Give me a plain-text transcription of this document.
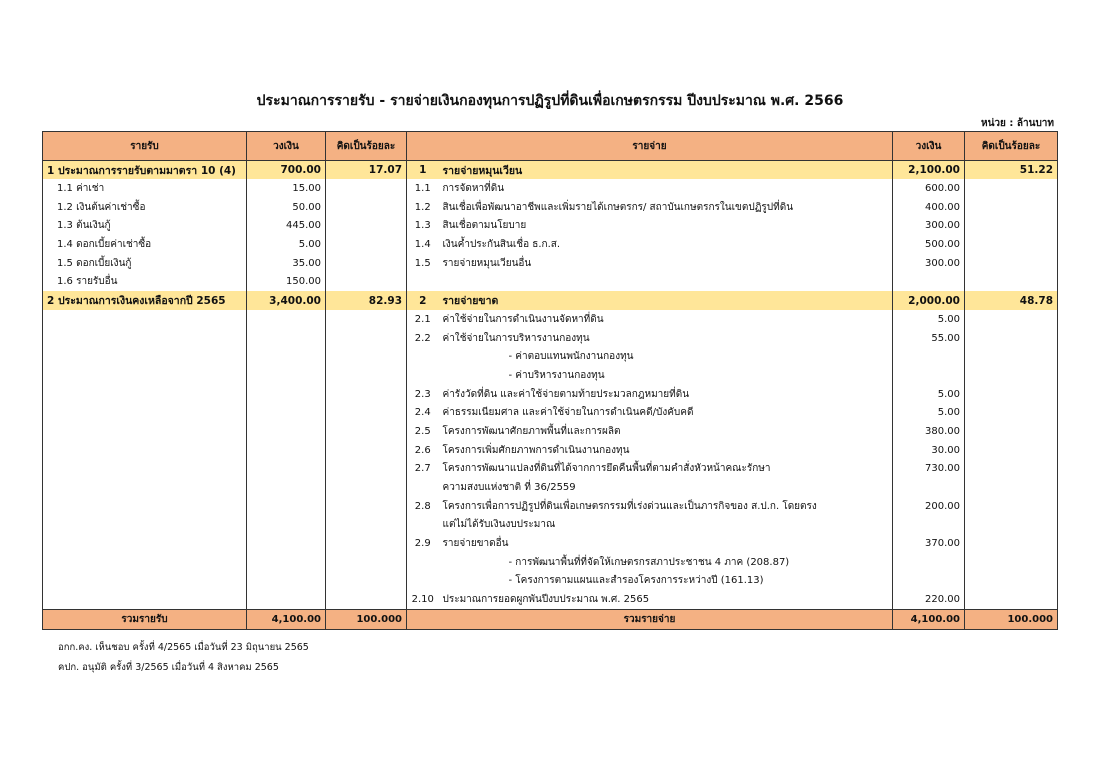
ประมาณการรายรับ - รายจ่ายเงินกองทุนการปฏิรูปที่ดินเพื่อเกษตรกรรม ปีงบประมาณ พ.ศ. 2566
หน่วย : ล้านบาท
รายรับ	วงเงิน	คิดเป็นร้อยละ	รายจ่าย		วงเงิน	คิดเป็นร้อยละ
1 ประมาณการรายรับตามมาตรา 10 (4)	700.00	17.07	1	รายจ่ายหมุนเวียน	2,100.00	51.22
1.1 ค่าเช่า	15.00		1.1	การจัดหาที่ดิน	600.00	
1.2 เงินต้นค่าเช่าซื้อ	50.00		1.2	สินเชื่อเพื่อพัฒนาอาชีพและเพิ่มรายได้เกษตรกร/ สถาบันเกษตรกรในเขตปฏิรูปที่ดิน	400.00	
1.3 ต้นเงินกู้	445.00		1.3	สินเชื่อตามนโยบาย	300.00	
1.4 ดอกเบี้ยค่าเช่าซื้อ	5.00		1.4	เงินค้ำประกันสินเชื่อ ธ.ก.ส.	500.00	
1.5 ดอกเบี้ยเงินกู้	35.00		1.5	รายจ่ายหมุนเวียนอื่น	300.00	
1.6 รายรับอื่น	150.00					
2 ประมาณการเงินคงเหลือจากปี 2565	3,400.00	82.93	2	รายจ่ายขาด	2,000.00	48.78
			2.1	ค่าใช้จ่ายในการดำเนินงานจัดหาที่ดิน	5.00	
			2.2	ค่าใช้จ่ายในการบริหารงานกองทุน	55.00	
				- ค่าตอบแทนพนักงานกองทุน		
				- ค่าบริหารงานกองทุน		
			2.3	ค่ารังวัดที่ดิน และค่าใช้จ่ายตามท้ายประมวลกฎหมายที่ดิน	5.00	
			2.4	ค่าธรรมเนียมศาล และค่าใช้จ่ายในการดำเนินคดี/บังคับคดี	5.00	
			2.5	โครงการพัฒนาศักยภาพพื้นที่และการผลิต	380.00	
			2.6	โครงการเพิ่มศักยภาพการดำเนินงานกองทุน	30.00	
			2.7	โครงการพัฒนาแปลงที่ดินที่ได้จากการยึดคืนพื้นที่ตามคำสั่งหัวหน้าคณะรักษา	730.00	
				ความสงบแห่งชาติ ที่ 36/2559		
			2.8	โครงการเพื่อการปฏิรูปที่ดินเพื่อเกษตรกรรมที่เร่งด่วนและเป็นภารกิจของ ส.ป.ก. โดยตรง	200.00	
				แต่ไม่ได้รับเงินงบประมาณ		
			2.9	รายจ่ายขาดอื่น	370.00	
				- การพัฒนาพื้นที่ที่จัดให้เกษตรกรสภาประชาชน 4 ภาค (208.87)		
				- โครงการตามแผนและสำรองโครงการระหว่างปี (161.13)		
			2.10	ประมาณการยอดผูกพันปีงบประมาณ พ.ศ. 2565	220.00	
รวมรายรับ	4,100.00	100.000	รวมรายจ่าย		4,100.00	100.000
อกก.คง. เห็นชอบ ครั้งที่ 4/2565 เมื่อวันที่ 23 มิถุนายน 2565
คปก. อนุมัติ ครั้งที่ 3/2565 เมื่อวันที่ 4 สิงหาคม 2565
